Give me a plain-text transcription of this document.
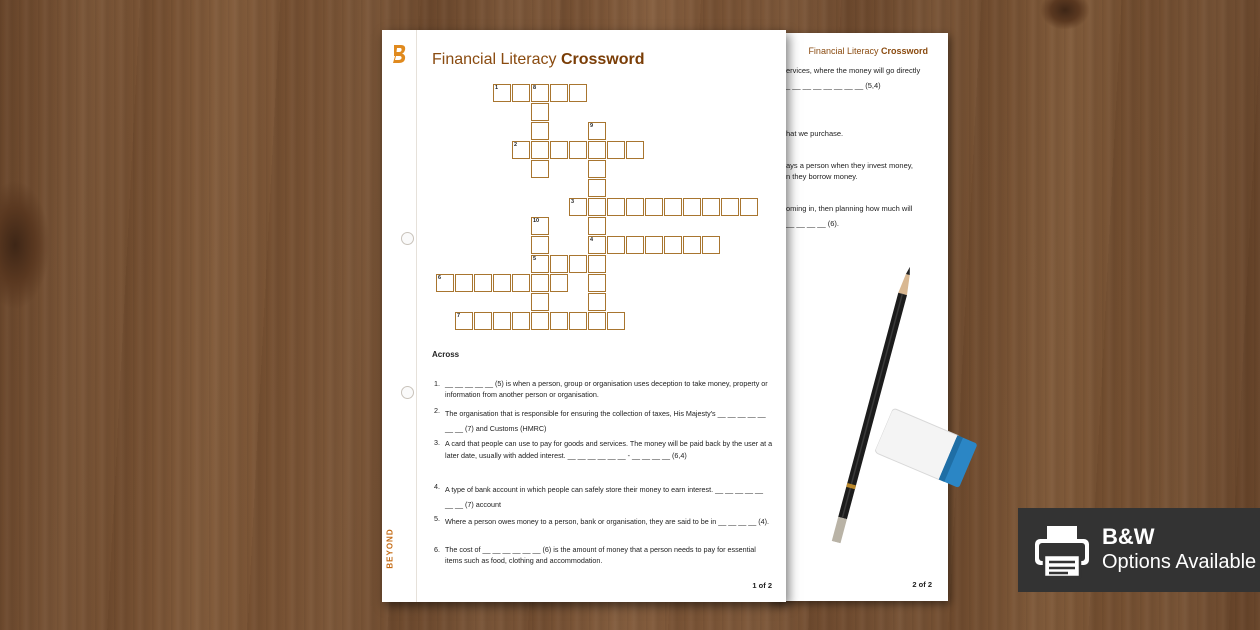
Financial Literacy Crossword
ervices, where the money will go directly
_ __ __ __ __ __ __ __ (5,4)
hat we purchase.
ays a person when they invest money,
n they borrow money.
oming in, then planning how much will
__ __ __ __ (6).
2 of 2
BEYOND
Financial Literacy Crossword
Across
1. __ __ __ __ __ (5) is when a person, group or organisation uses deception to take money, property or information from another person or organisation.
2. The organisation that is responsible for ensuring the collection of taxes, His Majesty's __ __ __ __ __ __ __ (7) and Customs (HMRC)
3. A card that people can use to pay for goods and services. The money will be paid back by the user at a later date, usually with added interest. __ __ __ __ __ __ - __ __ __ __ (6,4)
4. A type of bank account in which people can safely store their money to earn interest. __ __ __ __ __ __ __ (7) account
5. Where a person owes money to a person, bank or organisation, they are said to be in __ __ __ __ (4).
6. The cost of __ __ __ __ __ __ (6) is the amount of money that a person needs to pay for essential items such as food, clothing and accommodation.
1 of 2
1	8
9
2
3
10
4
5
6
7
B&W
Options Available
